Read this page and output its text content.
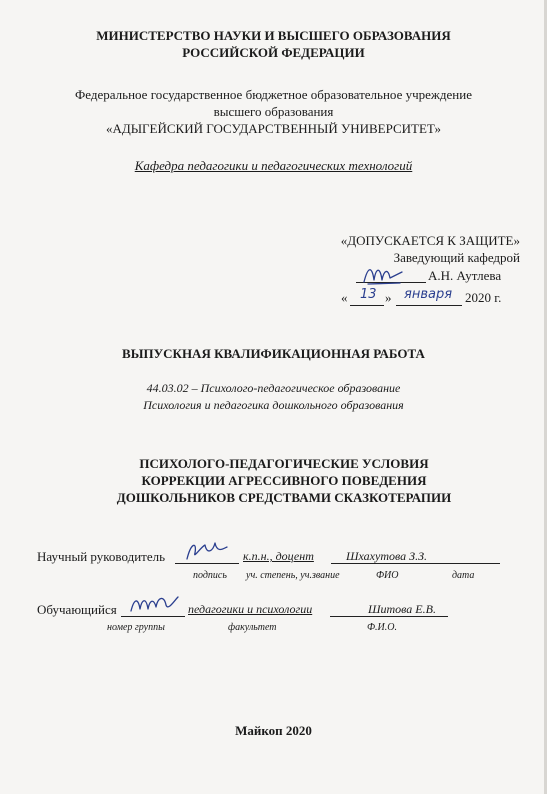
МИНИСТЕРСТВО НАУКИ И ВЫСШЕГО ОБРАЗОВАНИЯ
РОССИЙСКОЙ ФЕДЕРАЦИИ
Федеральное государственное бюджетное образовательное учреждение
высшего образования
«АДЫГЕЙСКИЙ ГОСУДАРСТВЕННЫЙ УНИВЕРСИТЕТ»
Кафедра педагогики и педагогических технологий
«ДОПУСКАЕТСЯ К ЗАЩИТЕ»
Заведующий кафедрой
А.Н. Аутлева
« 13 » января 2020 г.
ВЫПУСКНАЯ КВАЛИФИКАЦИОННАЯ РАБОТА
44.03.02 – Психолого-педагогическое образование
Психология и педагогика дошкольного образования
ПСИХОЛОГО-ПЕДАГОГИЧЕСКИЕ УСЛОВИЯ
КОРРЕКЦИИ АГРЕССИВНОГО ПОВЕДЕНИЯ
ДОШКОЛЬНИКОВ СРЕДСТВАМИ СКАЗКОТЕРАПИИ
Научный руководитель	к.п.н., доцент	Шхахутова З.З.
подпись уч. степень, уч.звание	ФИО	дата
Обучающийся	педагогики и психологии	Шитова Е.В.
номер группы	факультет	Ф.И.О.
Майкоп 2020
